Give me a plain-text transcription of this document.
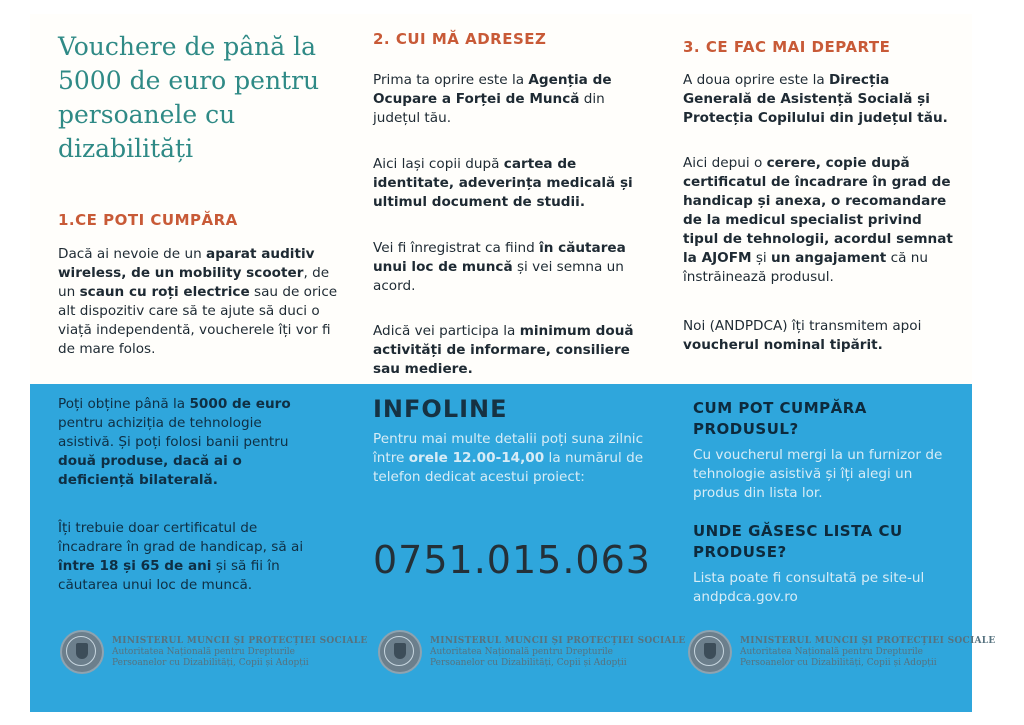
Vouchere de până la 5000 de euro pentru persoanele cu dizabilități
1.CE POTI CUMPĂRA

Dacă ai nevoie de un aparat auditiv wireless, de un mobility scooter, de un scaun cu roți electrice sau de orice alt dispozitiv care să te ajute să duci o viață independentă, voucherele îți vor fi de mare folos.

Poți obține până la 5000 de euro pentru achiziția de tehnologie asistivă. Și poți folosi banii pentru două produse, dacă ai o deficiență bilaterală.

Îți trebuie doar certificatul de încadrare în grad de handicap, să ai între 18 și 65 de ani și să fii în căutarea unui loc de muncă.

2. CUI MĂ ADRESEZ

Prima ta oprire este la Agenția de Ocupare a Forței de Muncă din județul tău.

Aici lași copii după cartea de identitate, adeverința medicală și ultimul document de studii.

Vei fi înregistrat ca fiind în căutarea unui loc de muncă și vei semna un acord.

Adică vei participa la minimum două activități de informare, consiliere sau mediere.

INFOLINE

Pentru mai multe detalii poți suna zilnic între orele 12.00-14,00 la numărul de telefon dedicat acestui proiect:

0751.015.063
3. CE FAC MAI DEPARTE

A doua oprire este la Direcția Generală de Asistență Socială și Protecția Copilului din județul tău.

Aici depui o cerere, copie după certificatul de încadrare în grad de handicap și anexa, o recomandare de la medicul specialist privind tipul de tehnologii, acordul semnat la AJOFM și un angajament că nu înstrăinează produsul.

Noi (ANDPDCA) îți transmitem apoi voucherul nominal tipărit.

CUM POT CUMPĂRA PRODUSUL?

Cu voucherul mergi la un furnizor de tehnologie asistivă și îți alegi un produs din lista lor.

UNDE GĂSESC LISTA CU PRODUSE?

Lista poate fi consultată pe site-ul andpdca.gov.ro

MINISTERUL MUNCII ȘI PROTECȚIEI SOCIALE
Autoritatea Națională pentru Drepturile
Persoanelor cu Dizabilități, Copii și Adopții
MINISTERUL MUNCII ȘI PROTECȚIEI SOCIALE
Autoritatea Națională pentru Drepturile
Persoanelor cu Dizabilități, Copii și Adopții
MINISTERUL MUNCII ȘI PROTECȚIEI SOCIALE
Autoritatea Națională pentru Drepturile
Persoanelor cu Dizabilități, Copii și Adopții
